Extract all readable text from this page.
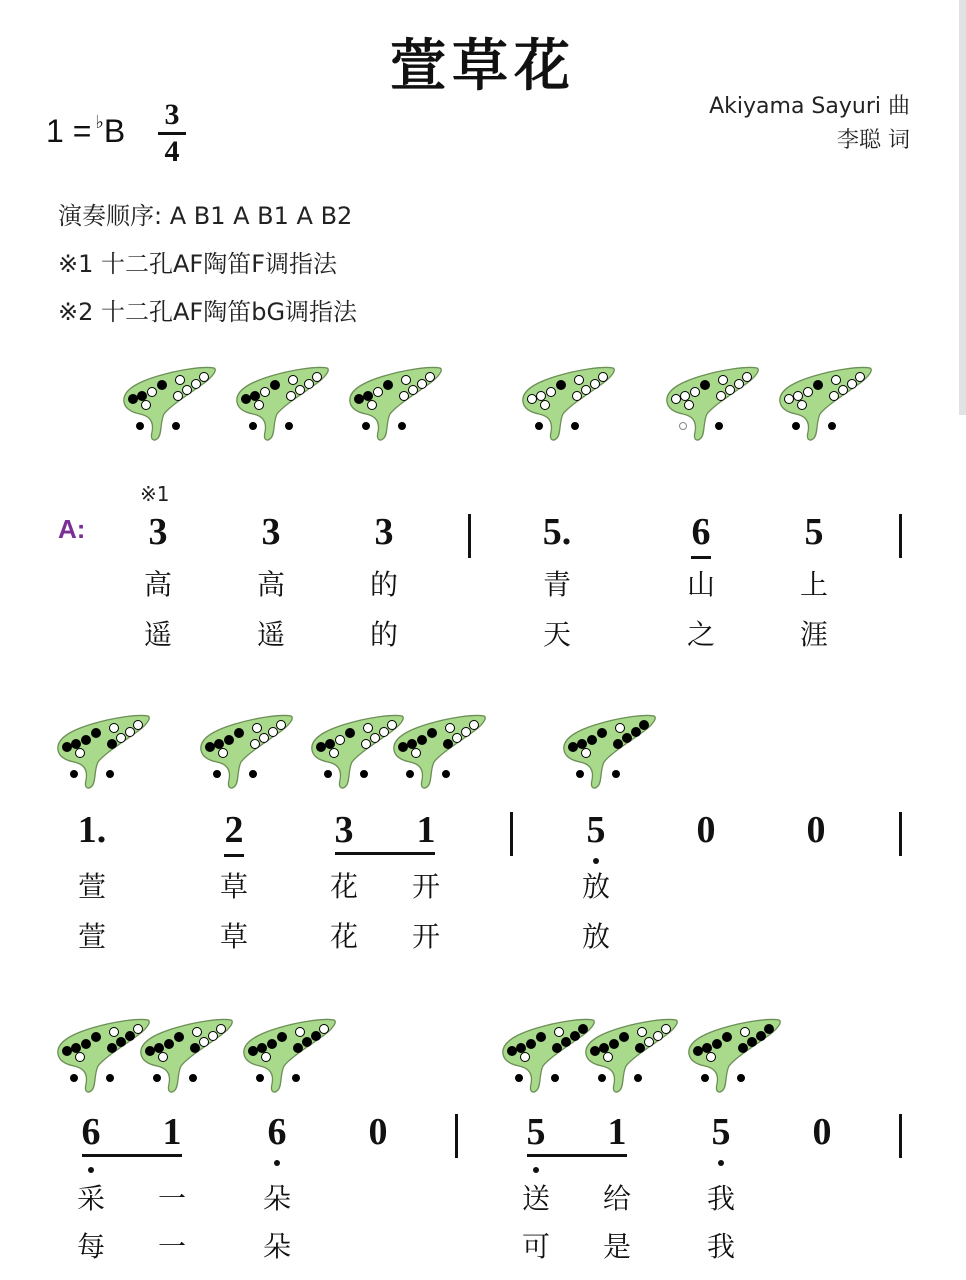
萱草花
1 = ♭B 3
4
Akiyama Sayuri 曲
李聪 词
演奏顺序: A B1 A B1 A B2
※1 十二孔AF陶笛F调指法
※2 十二孔AF陶笛bG调指法
A:
※1
3
高
遥
3
高
遥
3
的
的
5.
青
天
6
山
之
5
上
涯
1.
萱
萱
2
草
草
3
花
花
1
开
开
5
放
放
0 0
6
采
每
1
一
一
6
朵
朵
0	5
送
可
1
给
是
5
我
我
0
